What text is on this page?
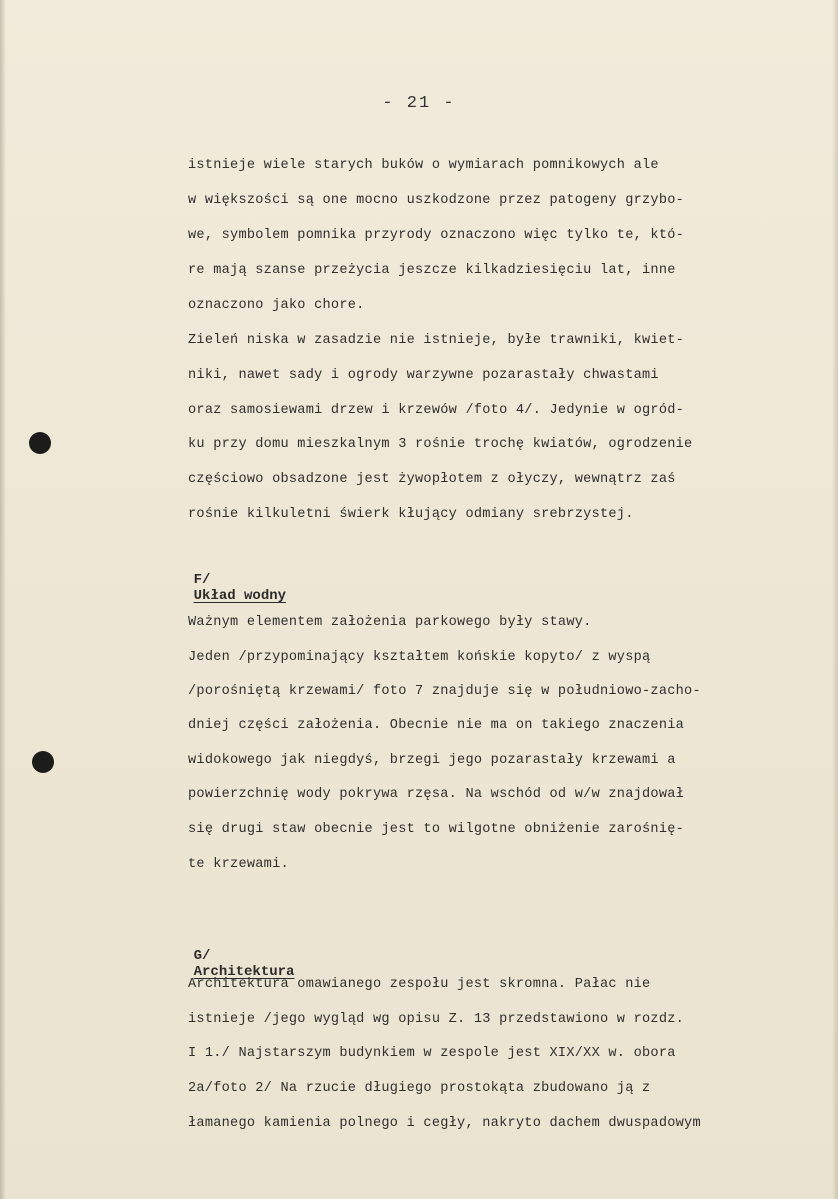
- 21 -
istnieje wiele starych buków o wymiarach pomnikowych ale
w większości są one mocno uszkodzone przez patogeny grzybo-
we, symbolem pomnika przyrody oznaczono więc tylko te, któ-
re mają szanse przeżycia jeszcze kilkadziesięciu lat, inne
oznaczono jako chore.
Zieleń niska w zasadzie nie istnieje, byłe trawniki, kwiet-
niki, nawet sady i ogrody warzywne pozarastały chwastami
oraz samosiewami drzew i krzewów /foto 4/. Jedynie w ogród-
ku przy domu mieszkalnym 3 rośnie trochę kwiatów, ogrodzenie
częściowo obsadzone jest żywopłotem z ołyczy, wewnątrz zaś
rośnie kilkuletni świerk kłujący odmiany srebrzystej.

F/
Układ wodny

Ważnym elementem założenia parkowego były stawy.
Jeden /przypominający kształtem końskie kopyto/ z wyspą
/porośniętą krzewami/ foto 7 znajduje się w południowo-zacho-
dniej części założenia. Obecnie nie ma on takiego znaczenia
widokowego jak niegdyś, brzegi jego pozarastały krzewami a
powierzchnię wody pokrywa rzęsa. Na wschód od w/w znajdował
się drugi staw obecnie jest to wilgotne obniżenie zarośnię-
te krzewami.

G/
Architektura

Architektura omawianego zespołu jest skromna. Pałac nie
istnieje /jego wygląd wg opisu Z. 13 przedstawiono w rozdz.
I 1./ Najstarszym budynkiem w zespole jest XIX/XX w. obora
2a/foto 2/ Na rzucie długiego prostokąta zbudowano ją z
łamanego kamienia polnego i cegły, nakryto dachem dwuspadowym
